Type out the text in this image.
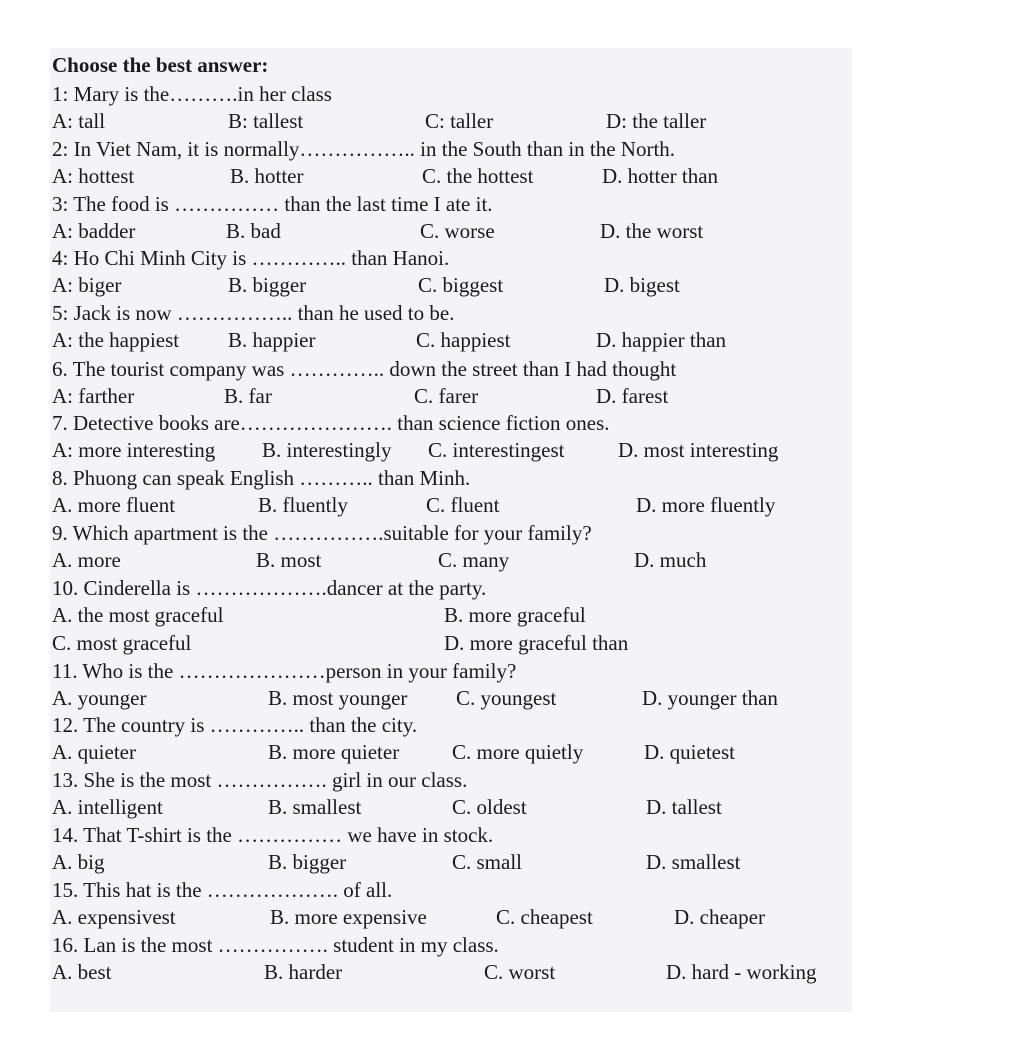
Choose the best answer:
1: Mary is the……….in her class
A: tall	B: tallest	C: taller	D: the taller
2: In Viet Nam, it is normally…………….. in the South than in the North.
A: hottest	B. hotter	C. the hottest	D. hotter than
3: The food is …………… than the last time I ate it.
A: badder	B. bad	C. worse	D. the worst
4: Ho Chi Minh City is ………….. than Hanoi.
A: biger	B. bigger	C. biggest	D. bigest
5: Jack is now …………….. than he used to be.
A: the happiest B. happier	C. happiest	D. happier than
6. The tourist company was ………….. down the street than I had thought
A: farther	B. far	C. farer	D. farest
7. Detective books are…………………. than science fiction ones.
A: more interesting B. interestingly C. interestingest	D. most interesting
8. Phuong can speak English ……….. than Minh.
A. more fluent	B. fluently	C. fluent	D. more fluently
9. Which apartment is the …………….suitable for your family?
A. more	B. most	C. many	D. much
10. Cinderella is ……………….dancer at the party.
A. the most graceful	B. more graceful
C. most graceful	D. more graceful than
11. Who is the …………………person in your family?
A. younger	B. most younger C. youngest	D. younger than
12. The country is ………….. than the city.
A. quieter	B. more quieter	C. more quietly	D. quietest
13. She is the most ……………. girl in our class.
A. intelligent	B. smallest	C. oldest	D. tallest
14. That T-shirt is the …………… we have in stock.
A. big	B. bigger	C. small	D. smallest
15. This hat is the ………………. of all.
A. expensivest	B. more expensive	C. cheapest	D. cheaper
16. Lan is the most ……………. student in my class.
A. best	B. harder	C. worst	D. hard - working
